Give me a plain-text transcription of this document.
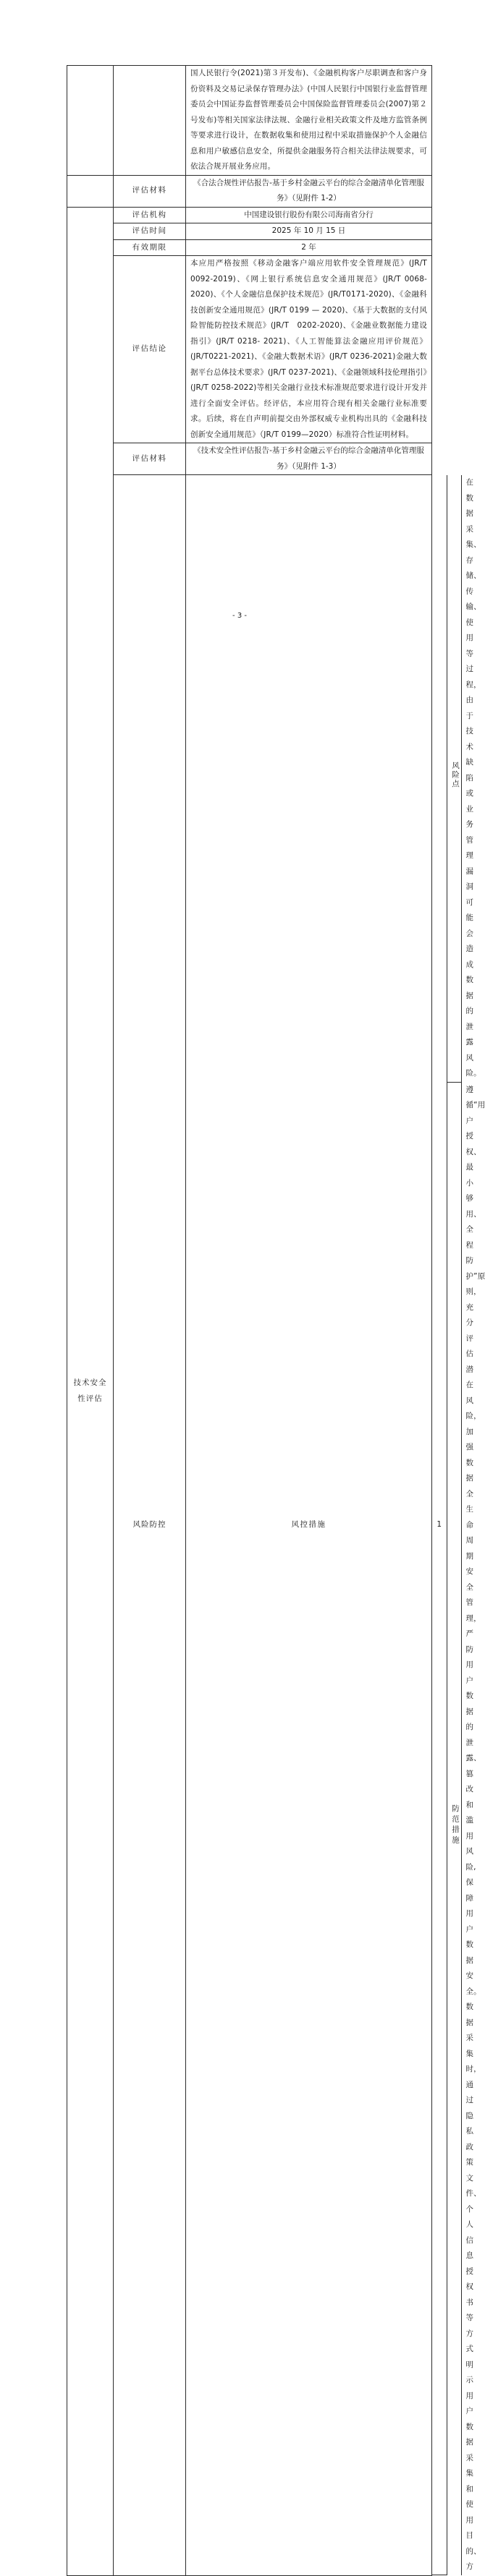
		国人民银行令(2021)第３开发布)、《金融机构客户尽职调查和客户身份资料及交易记录保存管理办法》(中国人民银行中国银行业监督管理委员会中国证券监督管理委员会中国保险监督管理委员会(2007)第２号发布)等相关国家法律法规、金融行业相关政策文件及地方监管条例等要求进行设计，在数据收集和使用过程中采取措施保护个人金融信息和用户敏感信息安全，所提供金融服务符合相关法律法规要求，可依法合规开展业务应用。
	评估材料	《合法合规性评估报告-基于乡村金融云平台的综合金融清单化管理服务》（见附件 1-2）
技术安全性评估	评估机构	中国建设银行股份有限公司海南省分行
评估时间	2025 年 10 月 15 日
有效期限	2 年
评估结论	本应用严格按照《移动金融客户端应用软件安全管理规范》(JR/T 0092-2019)、《网上银行系统信息安全通用规范》(JR/T 0068-2020)、《个人金融信息保护技术规范》(JR/T0171-2020)、《金融科技创新安全通用规范》(JR/T 0199 — 2020)、《基于大数据的支付风险智能防控技术规范》(JR/T　0202-2020)、《金融业数据能力建设指引》(JR/T 0218- 2021)、《人工智能算法金融应用评价规范》(JR/T0221-2021)、《金融大数据术语》(JR/T 0236-2021)金融大数据平台总体技术要求》(JR/T 0237-2021)、《金融领域科技伦理指引》(JR/T 0258-2022)等相关金融行业技术标准规范要求进行设计开发并进行全面安全评估。经评估，本应用符合现有相关金融行业标准要求。后续，将在自声明前提交由外部权威专业机构出具的《金融科技创新安全通用规范》（JR/T 0199—2020）标准符合性证明材料。
评估材料	《技术安全性评估报告-基于乡村金融云平台的综合金融清单化管理服务》（见附件 1-3）
风险防控	风控措施		1	风险点	在数据采集、存储、传输、使用等过程，由于技术缺陷或业务管理漏洞可能会造成数据的泄露风险。
防范措施	遵循“用户授权、最小够用、全程防护”原则，充分评估潜在风险，加强数据全生命周期安全管理，严防用户数据的泄露、篡改和滥用风险,保障用户数据安全。数据采集时，通过隐私政策文件、个人信息授权书等方式明示用户数据采集和使用目的、方
- 3 -
